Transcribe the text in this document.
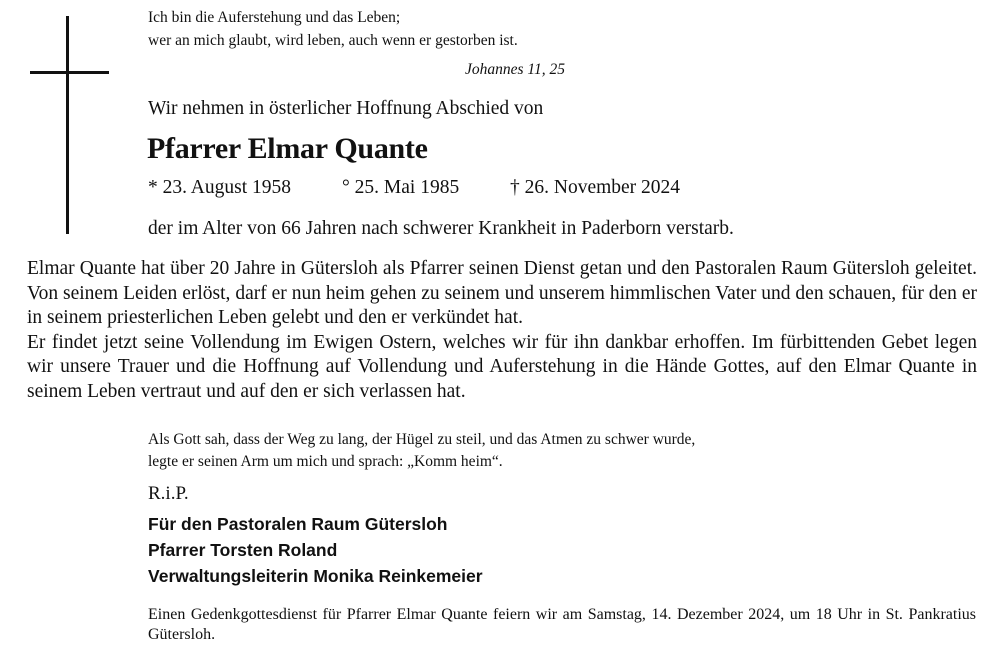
Ich bin die Auferstehung und das Leben;
wer an mich glaubt, wird leben, auch wenn er gestorben ist.
Johannes 11, 25
Wir nehmen in österlicher Hoffnung Abschied von
Pfarrer Elmar Quante
* 23. August 1958	° 25. Mai 1985	† 26. November 2024
der im Alter von 66 Jahren nach schwerer Krankheit in Paderborn verstarb.

Elmar Quante hat über 20 Jahre in Gütersloh als Pfarrer seinen Dienst getan und den Pastoralen Raum Gütersloh geleitet. Von seinem Leiden erlöst, darf er nun heim gehen zu seinem und unserem himmlischen Vater und den schauen, für den er in seinem priesterlichen Leben gelebt und den er verkündet hat.

Er findet jetzt seine Vollendung im Ewigen Ostern, welches wir für ihn dankbar erhoffen. Im fürbittenden Gebet legen wir unsere Trauer und die Hoffnung auf Vollendung und Auferstehung in die Hände Gottes, auf den Elmar Quante in seinem Leben vertraut und auf den er sich verlassen hat.

Als Gott sah, dass der Weg zu lang, der Hügel zu steil, und das Atmen zu schwer wurde,
legte er seinen Arm um mich und sprach: „Komm heim“.
R.i.P.
Für den Pastoralen Raum Gütersloh
Pfarrer Torsten Roland
Verwaltungsleiterin Monika Reinkemeier

Einen Gedenkgottesdienst für Pfarrer Elmar Quante feiern wir am Samstag, 14. Dezember 2024, um 18 Uhr in St. Pankratius Gütersloh.
